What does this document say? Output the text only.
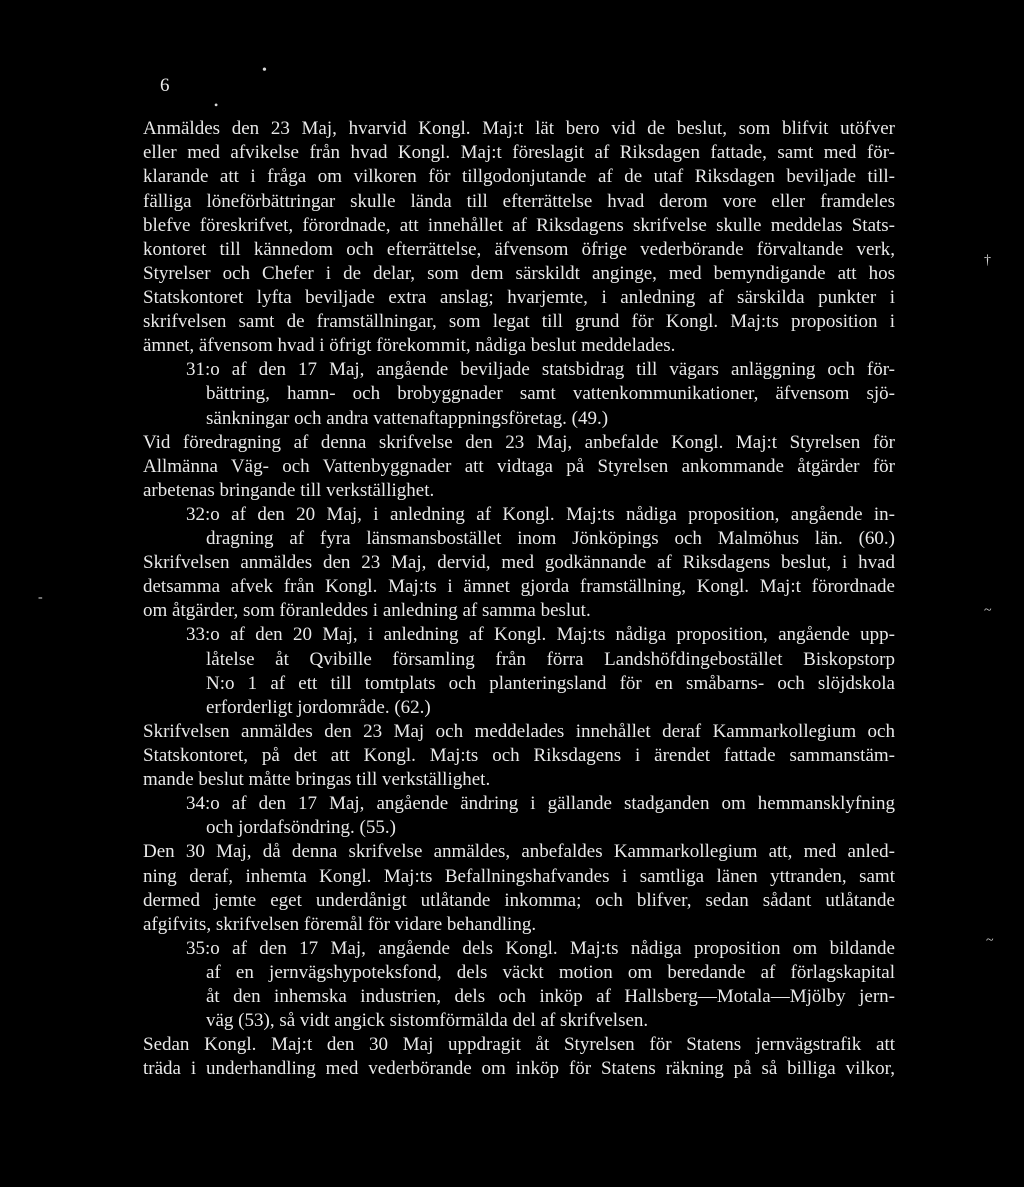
6
•
•
†
-
~
~
Anmäldes den 23 Maj, hvarvid Kongl. Maj:t lät bero vid de beslut, som blifvit utöfver
eller med afvikelse från hvad Kongl. Maj:t föreslagit af Riksdagen fattade, samt med för-
klarande att i fråga om vilkoren för tillgodonjutande af de utaf Riksdagen beviljade till-
fälliga löneförbättringar skulle lända till efterrättelse hvad derom vore eller framdeles
blefve föreskrifvet, förordnade, att innehållet af Riksdagens skrifvelse skulle meddelas Stats-
kontoret till kännedom och efterrättelse, äfvensom öfrige vederbörande förvaltande verk,
Styrelser och Chefer i de delar, som dem särskildt anginge, med bemyndigande att hos
Statskontoret lyfta beviljade extra anslag; hvarjemte, i anledning af särskilda punkter i
skrifvelsen samt de framställningar, som legat till grund för Kongl. Maj:ts proposition i
ämnet, äfvensom hvad i öfrigt förekommit, nådiga beslut meddelades.
31:o af den 17 Maj, angående beviljade statsbidrag till vägars anläggning och för-
bättring, hamn- och brobyggnader samt vattenkommunikationer, äfvensom sjö-
sänkningar och andra vattenaftappningsföretag. (49.)
Vid föredragning af denna skrifvelse den 23 Maj, anbefalde Kongl. Maj:t Styrelsen för
Allmänna Väg- och Vattenbyggnader att vidtaga på Styrelsen ankommande åtgärder för
arbetenas bringande till verkställighet.
32:o af den 20 Maj, i anledning af Kongl. Maj:ts nådiga proposition, angående in-
dragning af fyra länsmansbostället inom Jönköpings och Malmöhus län. (60.)
Skrifvelsen anmäldes den 23 Maj, dervid, med godkännande af Riksdagens beslut, i hvad
detsamma afvek från Kongl. Maj:ts i ämnet gjorda framställning, Kongl. Maj:t förordnade
om åtgärder, som föranleddes i anledning af samma beslut.
33:o af den 20 Maj, i anledning af Kongl. Maj:ts nådiga proposition, angående upp-
låtelse åt Qvibille församling från förra Landshöfdingebostället Biskopstorp
N:o 1 af ett till tomtplats och planteringsland för en småbarns- och slöjdskola
erforderligt jordområde. (62.)
Skrifvelsen anmäldes den 23 Maj och meddelades innehållet deraf Kammarkollegium och
Statskontoret, på det att Kongl. Maj:ts och Riksdagens i ärendet fattade sammanstäm-
mande beslut måtte bringas till verkställighet.
34:o af den 17 Maj, angående ändring i gällande stadganden om hemmansklyfning
och jordafsöndring. (55.)
Den 30 Maj, då denna skrifvelse anmäldes, anbefaldes Kammarkollegium att, med anled-
ning deraf, inhemta Kongl. Maj:ts Befallningshafvandes i samtliga länen yttranden, samt
dermed jemte eget underdånigt utlåtande inkomma; och blifver, sedan sådant utlåtande
afgifvits, skrifvelsen föremål för vidare behandling.
35:o af den 17 Maj, angående dels Kongl. Maj:ts nådiga proposition om bildande
af en jernvägshypoteksfond, dels väckt motion om beredande af förlagskapital
åt den inhemska industrien, dels och inköp af Hallsberg—Motala—Mjölby jern-
väg (53), så vidt angick sistomförmälda del af skrifvelsen.
Sedan Kongl. Maj:t den 30 Maj uppdragit åt Styrelsen för Statens jernvägstrafik att
träda i underhandling med vederbörande om inköp för Statens räkning på så billiga vilkor,
